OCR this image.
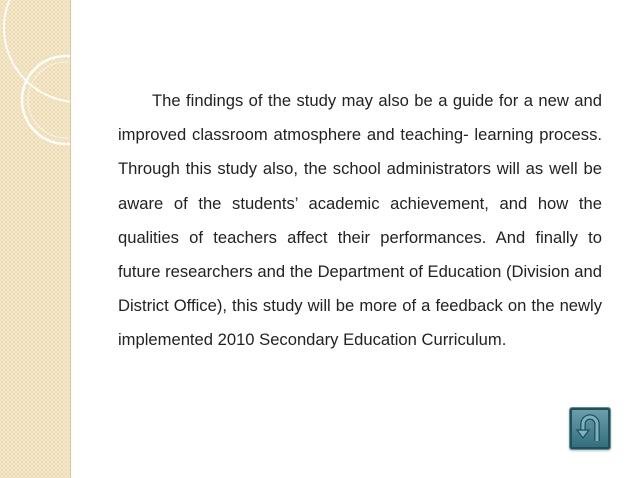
The findings of the study may also be a guide for a new and improved classroom atmosphere and teaching- learning process. Through this study also, the school administrators will as well be aware of the students’ academic achievement, and how the qualities of teachers affect their performances. And finally to future researchers and the Department of Education (Division and District Office), this study will be more of a feedback on the newly implemented 2010 Secondary Education Curriculum.
